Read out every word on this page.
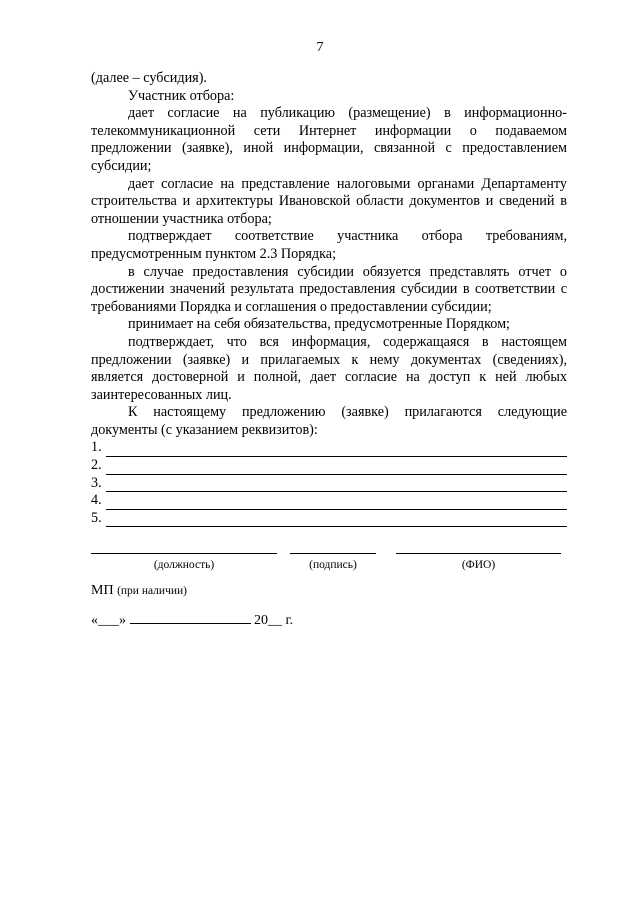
7

(далее – субсидия).

Участник отбора:

дает согласие на публикацию (размещение) в информационно-телекоммуникационной сети Интернет информации о подаваемом предложении (заявке), иной информации, связанной с предоставлением субсидии;

дает согласие на представление налоговыми органами Департаменту строительства и архитектуры Ивановской области документов и сведений в отношении участника отбора;

подтверждает соответствие участника отбора требованиям, предусмотренным пунктом 2.3 Порядка;

в случае предоставления субсидии обязуется представлять отчет о достижении значений результата предоставления субсидии в соответствии с требованиями Порядка и соглашения о предоставлении субсидии;

принимает на себя обязательства, предусмотренные Порядком;

подтверждает, что вся информация, содержащаяся в настоящем предложении (заявке) и прилагаемых к нему документах (сведениях), является достоверной и полной, дает согласие на доступ к ней любых заинтересованных лиц.

К настоящему предложению (заявке) прилагаются следующие документы (с указанием реквизитов):

1.
2.
3.
4.
5.
(должность)	(подпись)	(ФИО)
МП (при наличии)
«___»	20__ г.
